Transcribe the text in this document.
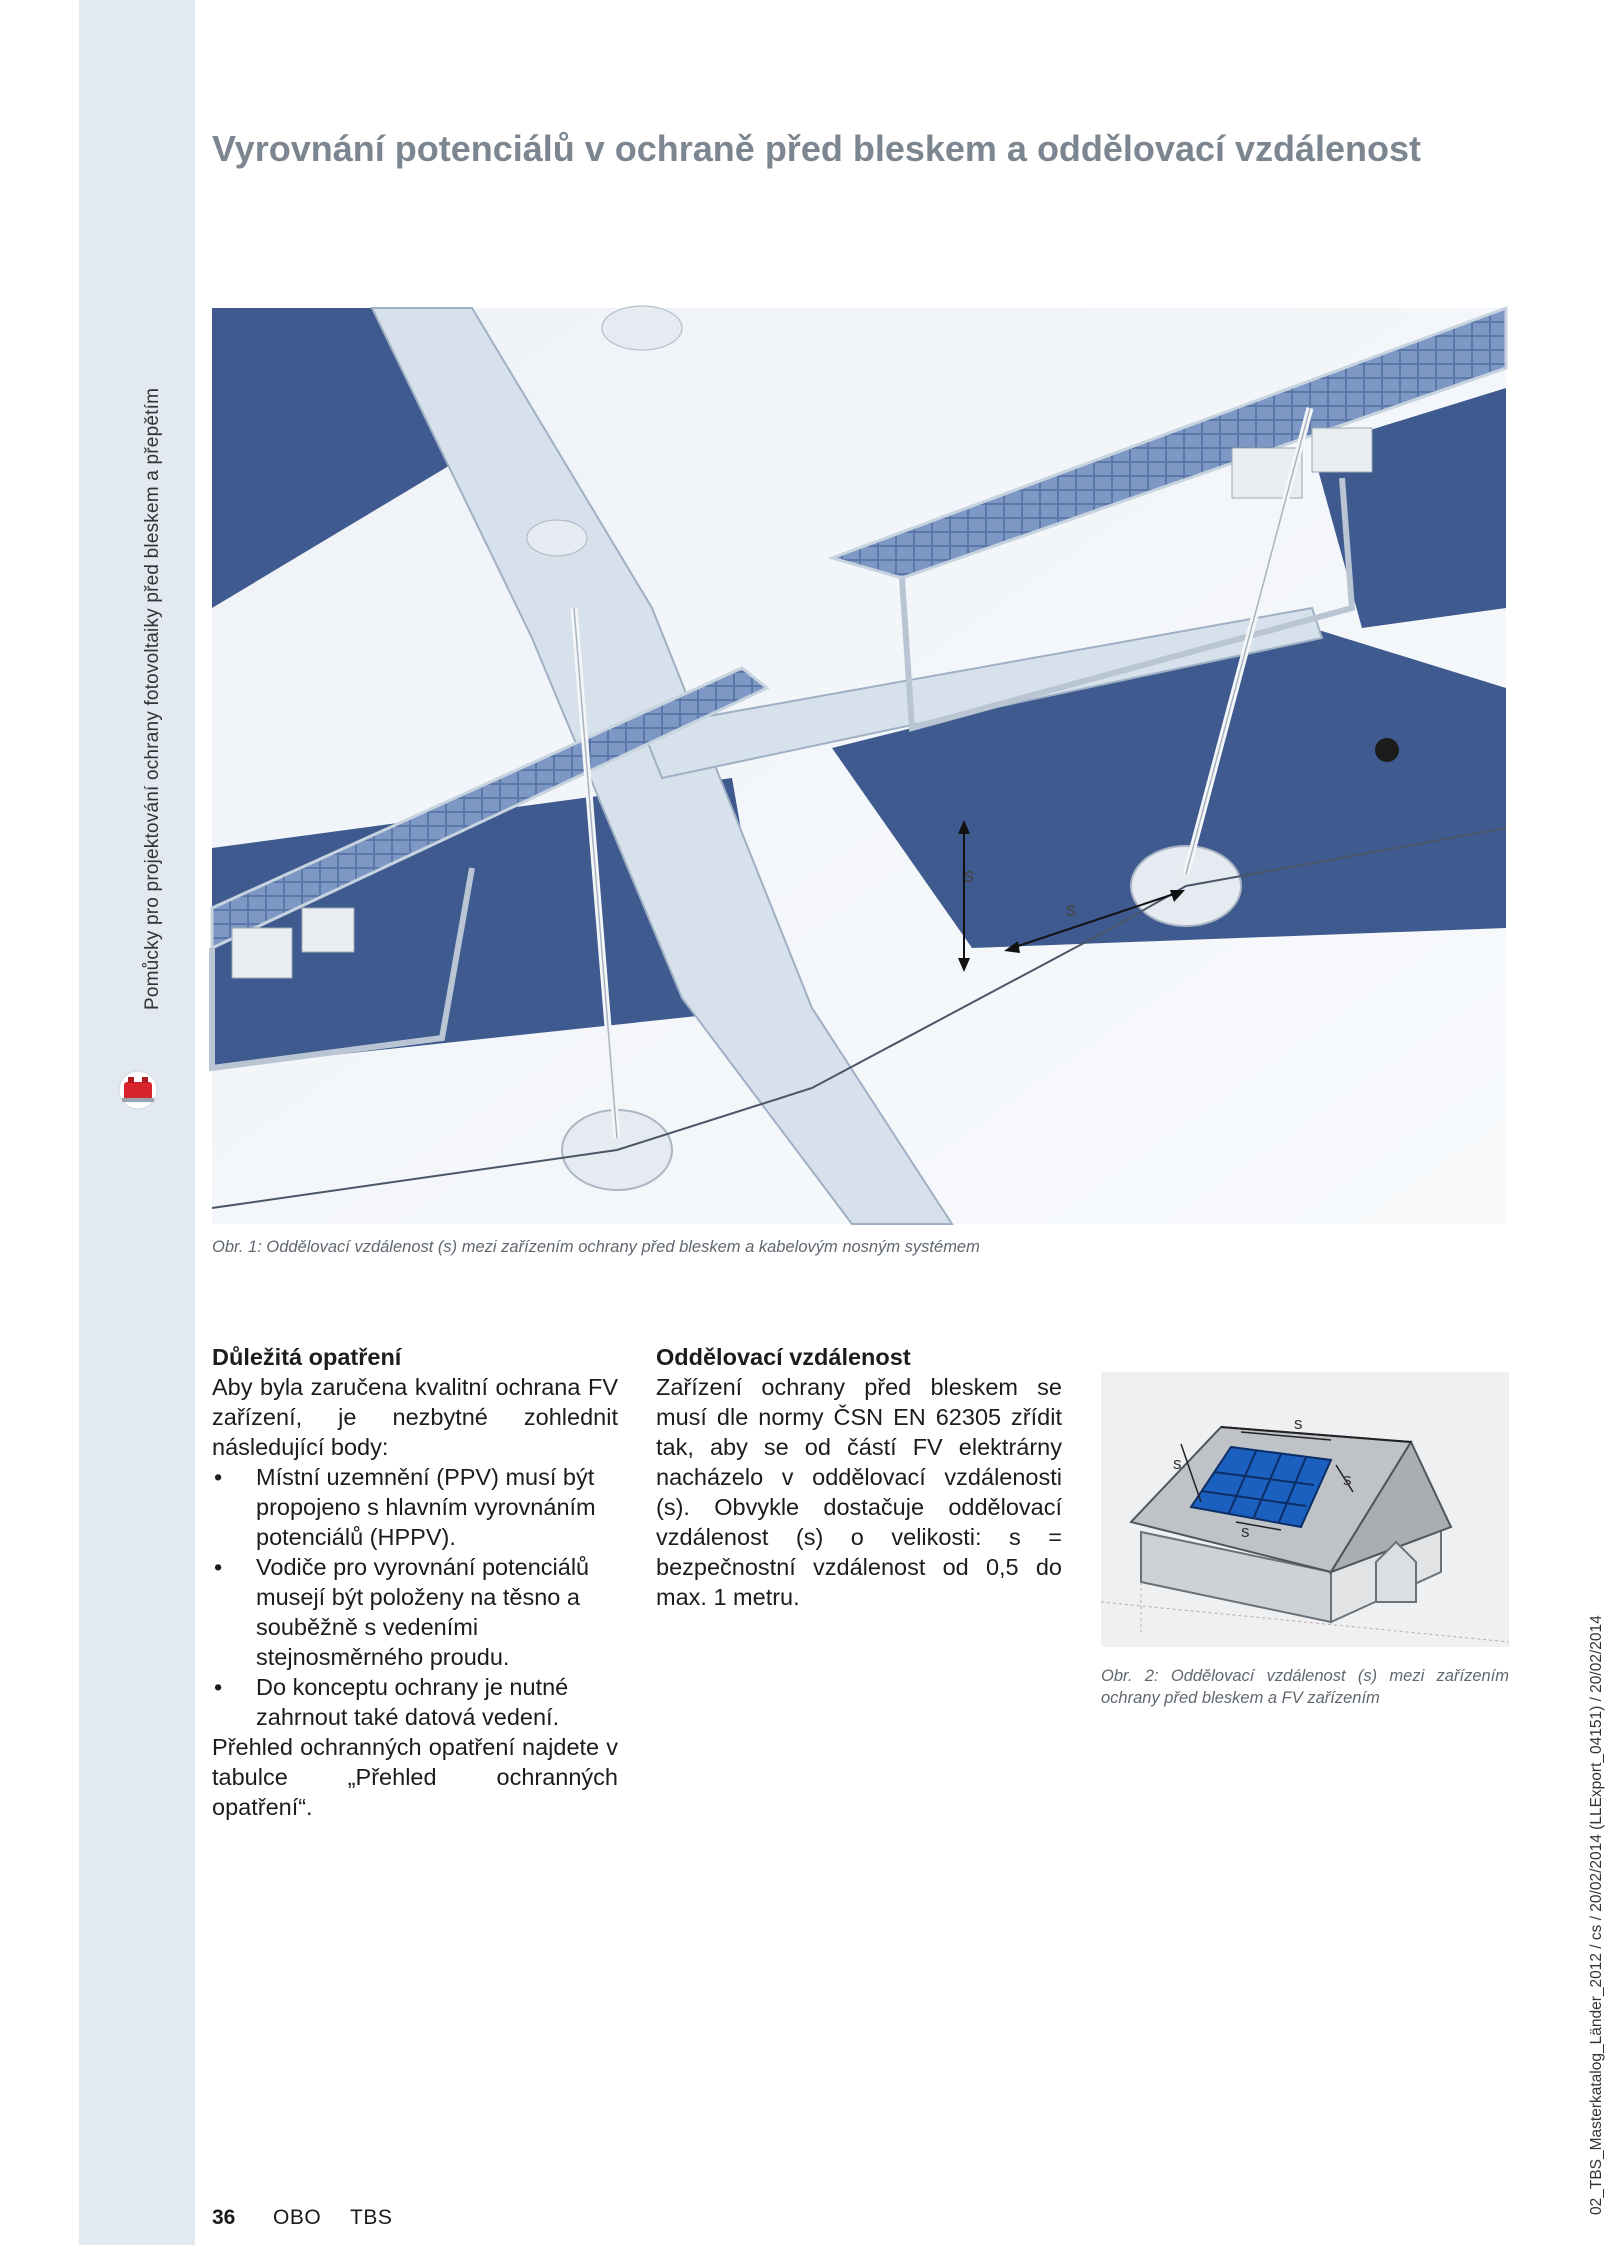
Pomůcky pro projektování ochrany fotovoltaiky před bleskem a přepětím
Vyrovnání potenciálů v ochraně před bleskem a oddělovací vzdálenost
s
s
Obr. 1: Oddělovací vzdálenost (s) mezi zařízením ochrany před bleskem a kabelovým nosným systémem
Důležitá opatření

Aby byla zaručena kvalitní ochrana FV zařízení, je nezbytné zohlednit následující body:

• Místní uzemnění (PPV) musí být propojeno s hlavním vyrovnáním potenciálů (HPPV).
• Vodiče pro vyrovnání potenciálů musejí být položeny na těsno a souběžně s vedeními stejnosměrného proudu.
• Do konceptu ochrany je nutné zahrnout také datová vedení.

Přehled ochranných opatření najdete v tabulce „Přehled ochranných opatření“.

Oddělovací vzdálenost

Zařízení ochrany před bleskem se musí dle normy ČSN EN 62305 zřídit tak, aby se od částí FV elektrárny nacházelo v oddělovací vzdálenosti (s). Obvykle dostačuje oddělovací vzdálenost (s) o velikosti: s = bezpečnostní vzdálenost od 0,5 do max. 1 metru.

s
s
s
s
Obr. 2: Oddělovací vzdálenost (s) mezi zařízením ochrany před bleskem a FV zařízením	02_TBS_Masterkatalog_Länder_2012 / cs / 20/02/2014 (LLExport_04151) / 20/02/2014
36 OBO TBS
